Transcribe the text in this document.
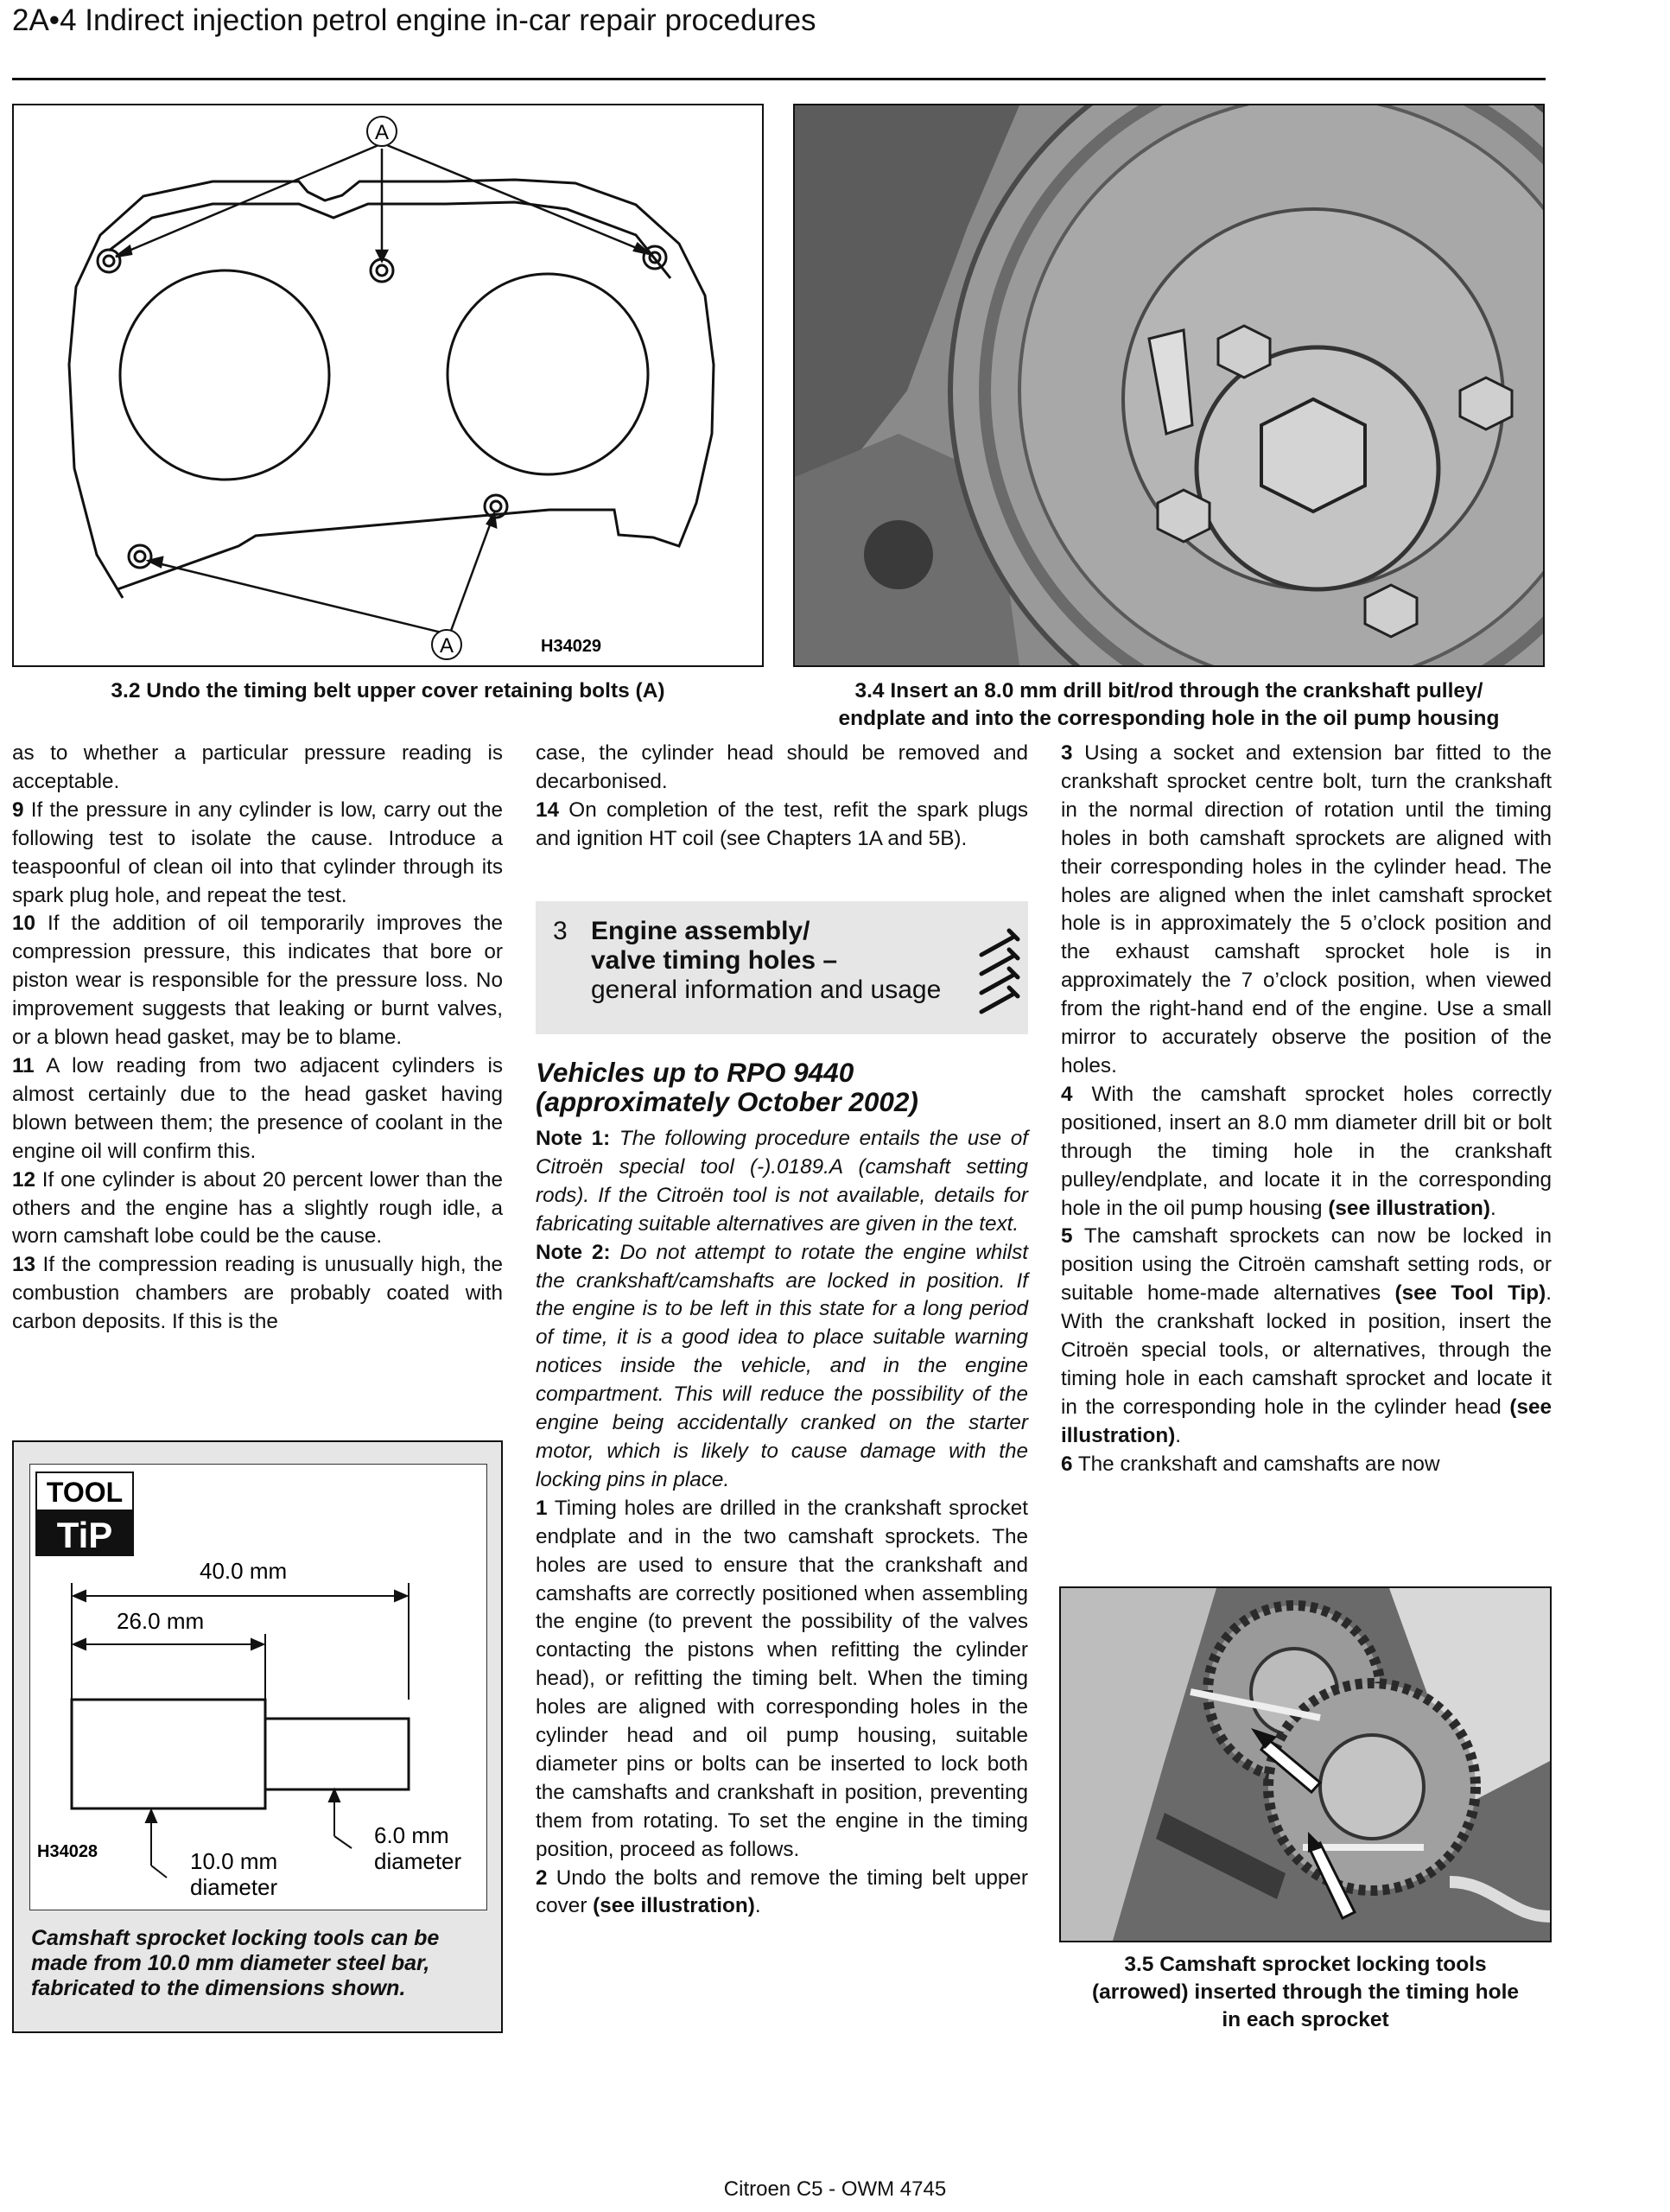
2A•4 Indirect injection petrol engine in-car repair procedures
A
A	H34029
3.2 Undo the timing belt upper cover retaining bolts (A)	3.4 Insert an 8.0 mm drill bit/rod through the crankshaft pulley/
endplate and into the corresponding hole in the oil pump housing

as to whether a particular pressure reading is acceptable.

9 If the pressure in any cylinder is low, carry out the following test to isolate the cause. Introduce a teaspoonful of clean oil into that cylinder through its spark plug hole, and repeat the test.

10 If the addition of oil temporarily improves the compression pressure, this indicates that bore or piston wear is responsible for the pressure loss. No improvement suggests that leaking or burnt valves, or a blown head gasket, may be to blame.

11 A low reading from two adjacent cylinders is almost certainly due to the head gasket having blown between them; the presence of coolant in the engine oil will confirm this.

12 If one cylinder is about 20 percent lower than the others and the engine has a slightly rough idle, a worn camshaft lobe could be the cause.

13 If the compression reading is unusually high, the combustion chambers are probably coated with carbon deposits. If this is the

TOOL
TiP
40.0 mm
26.0 mm
H34028	10.0 mm
diameter
6.0 mm
diameter
Camshaft sprocket locking tools can be made from 10.0 mm diameter steel bar, fabricated to the dimensions shown.

case, the cylinder head should be removed and decarbonised.

14 On completion of the test, refit the spark plugs and ignition HT coil (see Chapters 1A and 5B).

3 Engine assembly/
valve timing holes –
general information and usage
Vehicles up to RPO 9440
(approximately October 2002)

Note 1: The following procedure entails the use of Citroën special tool (-).0189.A (camshaft setting rods). If the Citroën tool is not available, details for fabricating suitable alternatives are given in the text.

Note 2: Do not attempt to rotate the engine whilst the crankshaft/camshafts are locked in position. If the engine is to be left in this state for a long period of time, it is a good idea to place suitable warning notices inside the vehicle, and in the engine compartment. This will reduce the possibility of the engine being accidentally cranked on the starter motor, which is likely to cause damage with the locking pins in place.

1 Timing holes are drilled in the crankshaft sprocket endplate and in the two camshaft sprockets. The holes are used to ensure that the crankshaft and camshafts are correctly positioned when assembling the engine (to prevent the possibility of the valves contacting the pistons when refitting the cylinder head), or refitting the timing belt. When the timing holes are aligned with corresponding holes in the cylinder head and oil pump housing, suitable diameter pins or bolts can be inserted to lock both the camshafts and crankshaft in position, preventing them from rotating. To set the engine in the timing position, proceed as follows.

2 Undo the bolts and remove the timing belt upper cover (see illustration).

3 Using a socket and extension bar fitted to the crankshaft sprocket centre bolt, turn the crankshaft in the normal direction of rotation until the timing holes in both camshaft sprockets are aligned with their corresponding holes in the cylinder head. The holes are aligned when the inlet camshaft sprocket hole is in approximately the 5 o’clock position and the exhaust camshaft sprocket hole is in approximately the 7 o’clock position, when viewed from the right-hand end of the engine. Use a small mirror to accurately observe the position of the holes.

4 With the camshaft sprocket holes correctly positioned, insert an 8.0 mm diameter drill bit or bolt through the timing hole in the crankshaft pulley/endplate, and locate it in the corresponding hole in the oil pump housing (see illustration).

5 The camshaft sprockets can now be locked in position using the Citroën camshaft setting rods, or suitable home-made alternatives (see Tool Tip). With the crankshaft locked in position, insert the Citroën special tools, or alternatives, through the timing hole in each camshaft sprocket and locate it in the corresponding hole in the cylinder head (see illustration).

6 The crankshaft and camshafts are now

3.5 Camshaft sprocket locking tools
(arrowed) inserted through the timing hole
in each sprocket
Citroen C5 - OWM 4745
